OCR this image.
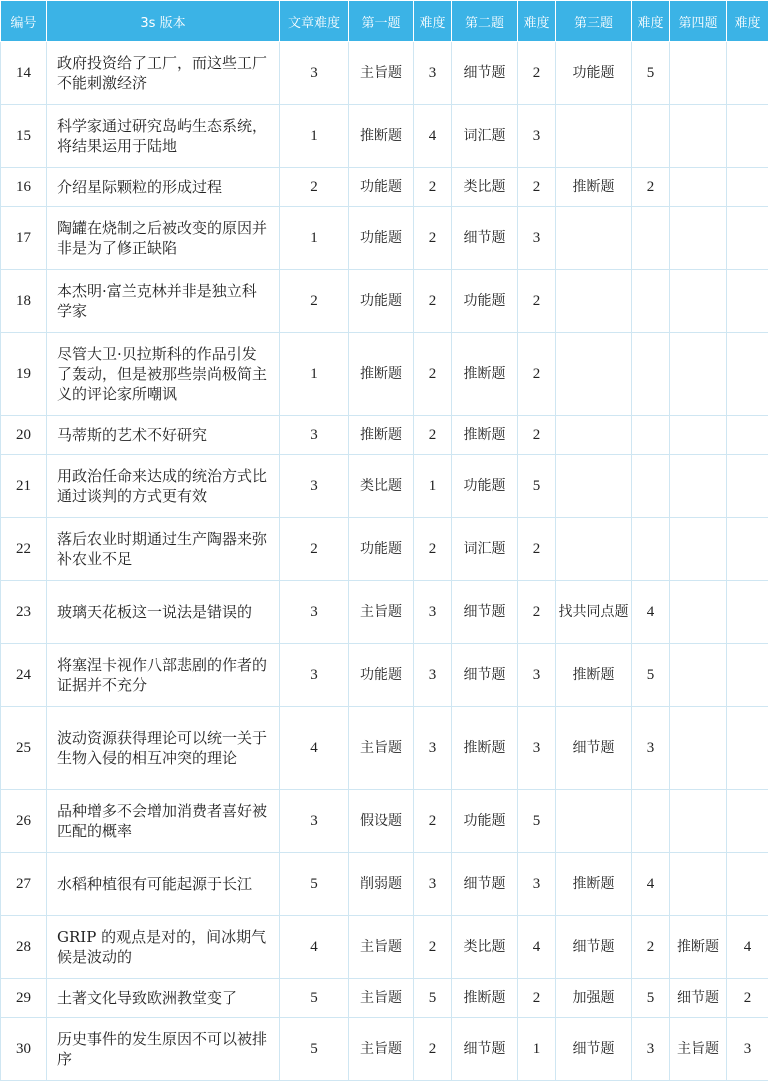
编号	3s 版本	文章难度	第一题	难度	第二题	难度	第三题	难度	第四题	难度
14	政府投资给了工厂，而这些工厂不能刺激经济	3	主旨题	3	细节题	2	功能题	5		
15	科学家通过研究岛屿生态系统，将结果运用于陆地	1	推断题	4	词汇题	3				
16	介绍星际颗粒的形成过程	2	功能题	2	类比题	2	推断题	2		
17	陶罐在烧制之后被改变的原因并非是为了修正缺陷	1	功能题	2	细节题	3				
18	本杰明·富兰克林并非是独立科学家	2	功能题	2	功能题	2				
19	尽管大卫·贝拉斯科的作品引发了轰动，但是被那些崇尚极简主义的评论家所嘲讽	1	推断题	2	推断题	2				
20	马蒂斯的艺术不好研究	3	推断题	2	推断题	2				
21	用政治任命来达成的统治方式比通过谈判的方式更有效	3	类比题	1	功能题	5				
22	落后农业时期通过生产陶器来弥补农业不足	2	功能题	2	词汇题	2				
23	玻璃天花板这一说法是错误的	3	主旨题	3	细节题	2	找共同点题	4		
24	将塞涅卡视作八部悲剧的作者的证据并不充分	3	功能题	3	细节题	3	推断题	5		
25	波动资源获得理论可以统一关于生物入侵的相互冲突的理论	4	主旨题	3	推断题	3	细节题	3		
26	品种增多不会增加消费者喜好被匹配的概率	3	假设题	2	功能题	5				
27	水稻种植很有可能起源于长江	5	削弱题	3	细节题	3	推断题	4		
28	GRIP 的观点是对的，间冰期气候是波动的	4	主旨题	2	类比题	4	细节题	2	推断题	4
29	土著文化导致欧洲教堂变了	5	主旨题	5	推断题	2	加强题	5	细节题	2
30	历史事件的发生原因不可以被排序	5	主旨题	2	细节题	1	细节题	3	主旨题	3
